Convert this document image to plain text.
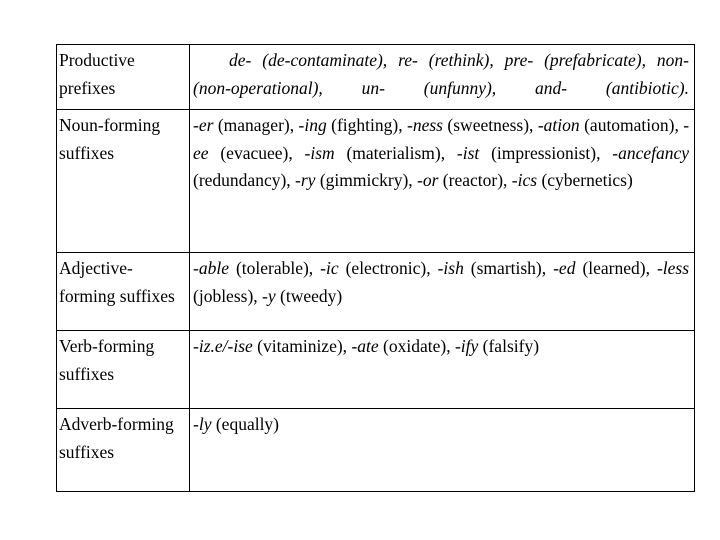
Productive prefixes	de- (de-contaminate), re- (rethink), pre- (prefabricate), non- (non-operational), un- (unfunny), and- (antibiotic).
Noun-forming suffixes	-er (manager), -ing (fighting), -ness (sweetness), -ation (automation), -ee (evacuee), -ism (materialism), -ist (impressionist), -ancefancy (redundancy), -ry (gimmickry), -or (reactor), -ics (cybernetics)
Adjective-forming suffixes	-able (tolerable), -ic (electronic), -ish (smartish), -ed (learned), -less (jobless), -y (tweedy)
Verb-forming suffixes	-iz.e/-ise (vitaminize), -ate (oxidate), -ify (falsify)
Adverb-forming suffixes	-ly (equally)
